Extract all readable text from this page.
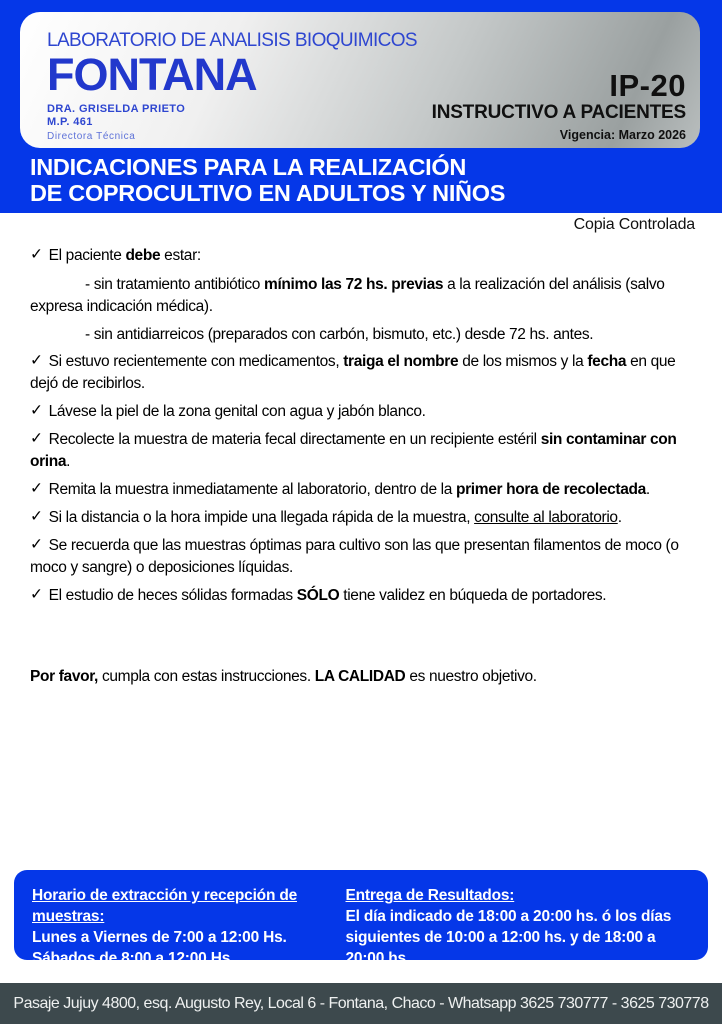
LABORATORIO DE ANALISIS BIOQUIMICOS
FONTANA
DRA. GRISELDA PRIETO
M.P. 461
Directora Técnica
IP-20
INSTRUCTIVO A PACIENTES
Vigencia: Marzo 2026
INDICACIONES PARA LA REALIZACIÓN
DE COPROCULTIVO EN ADULTOS Y NIÑOS
Copia Controlada

✓ El paciente debe estar:

- sin tratamiento antibiótico mínimo las 72 hs. previas a la realización del análisis (salvo
expresa indicación médica).

- sin antidiarreicos (preparados con carbón, bismuto, etc.) desde 72 hs. antes.

✓ Si estuvo recientemente con medicamentos, traiga el nombre de los mismos y la fecha en que
dejó de recibirlos.

✓ Lávese la piel de la zona genital con agua y jabón blanco.

✓ Recolecte la muestra de materia fecal directamente en un recipiente estéril sin contaminar con
orina.

✓ Remita la muestra inmediatamente al laboratorio, dentro de la primer hora de recolectada.

✓ Si la distancia o la hora impide una llegada rápida de la muestra, consulte al laboratorio.

✓ Se recuerda que las muestras óptimas para cultivo son las que presentan filamentos de moco (o
moco y sangre) o deposiciones líquidas.

✓ El estudio de heces sólidas formadas SÓLO tiene validez en búqueda de portadores.

Por favor, cumpla con estas instrucciones. LA CALIDAD es nuestro objetivo.

Horario de extracción y recepción de muestras:
Lunes a Viernes de 7:00 a 12:00 Hs.
Sábados de 8:00 a 12:00 Hs.
Entrega de Resultados:
El día indicado de 18:00 a 20:00 hs. ó los días
siguientes de 10:00 a 12:00 hs. y de 18:00 a 20:00 hs.
Pasaje Jujuy 4800, esq. Augusto Rey, Local 6 - Fontana, Chaco - Whatsapp 3625 730777 - 3625 730778
